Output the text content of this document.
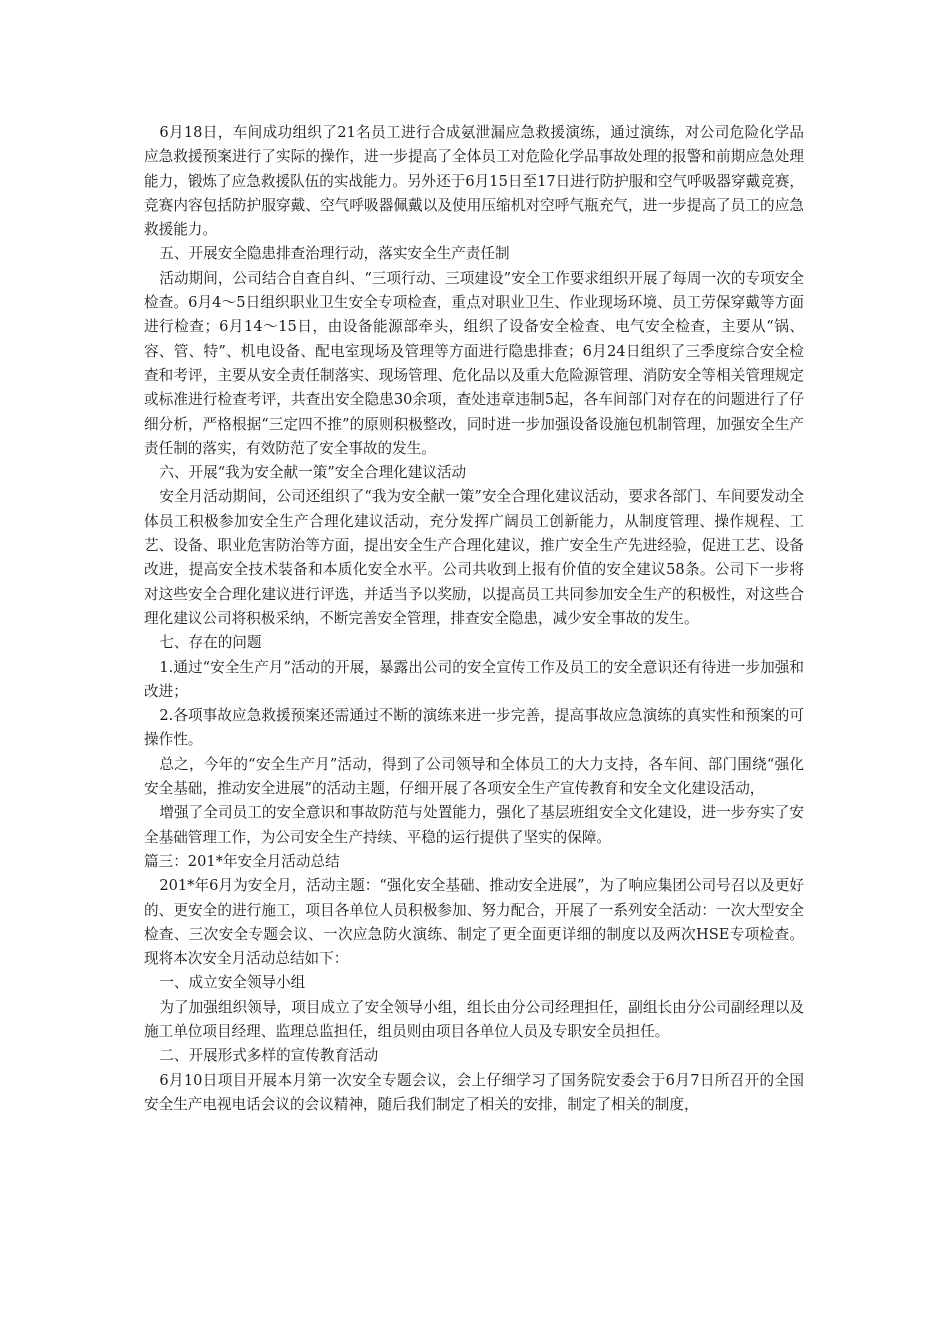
6月18日，车间成功组织了21名员工进行合成氨泄漏应急救援演练，通过演练，对公司危险化学品应急救援预案进行了实际的操作，进一步提高了全体员工对危险化学品事故处理的报警和前期应急处理能力，锻炼了应急救援队伍的实战能力。另外还于6月15日至17日进行防护服和空气呼吸器穿戴竞赛，竞赛内容包括防护服穿戴、空气呼吸器佩戴以及使用压缩机对空呼气瓶充气，进一步提高了员工的应急救援能力。

五、开展安全隐患排查治理行动，落实安全生产责任制

活动期间，公司结合自查自纠、“三项行动、三项建设”安全工作要求组织开展了每周一次的专项安全检查。6月4～5日组织职业卫生安全专项检查，重点对职业卫生、作业现场环境、员工劳保穿戴等方面进行检查；6月14～15日，由设备能源部牵头，组织了设备安全检查、电气安全检查，主要从“锅、容、管、特”、机电设备、配电室现场及管理等方面进行隐患排查；6月24日组织了三季度综合安全检查和考评，主要从安全责任制落实、现场管理、危化品以及重大危险源管理、消防安全等相关管理规定或标准进行检查考评，共查出安全隐患30余项，查处违章违制5起，各车间部门对存在的问题进行了仔细分析，严格根据“三定四不推”的原则积极整改，同时进一步加强设备设施包机制管理，加强安全生产责任制的落实，有效防范了安全事故的发生。

六、开展“我为安全献一策”安全合理化建议活动

安全月活动期间，公司还组织了“我为安全献一策”安全合理化建议活动，要求各部门、车间要发动全体员工积极参加安全生产合理化建议活动，充分发挥广阔员工创新能力，从制度管理、操作规程、工艺、设备、职业危害防治等方面，提出安全生产合理化建议，推广安全生产先进经验，促进工艺、设备改进，提高安全技术装备和本质化安全水平。公司共收到上报有价值的安全建议58条。公司下一步将对这些安全合理化建议进行评选，并适当予以奖励，以提高员工共同参加安全生产的积极性，对这些合理化建议公司将积极采纳，不断完善安全管理，排查安全隐患，减少安全事故的发生。

七、存在的问题

1.通过“安全生产月”活动的开展，暴露出公司的安全宣传工作及员工的安全意识还有待进一步加强和改进；

2.各项事故应急救援预案还需通过不断的演练来进一步完善，提高事故应急演练的真实性和预案的可操作性。

总之，今年的“安全生产月”活动，得到了公司领导和全体员工的大力支持，各车间、部门围绕“强化安全基础，推动安全进展”的活动主题，仔细开展了各项安全生产宣传教育和安全文化建设活动，

增强了全司员工的安全意识和事故防范与处置能力，强化了基层班组安全文化建设，进一步夯实了安全基础管理工作，为公司安全生产持续、平稳的运行提供了坚实的保障。

篇三：201*年安全月活动总结

201*年6月为安全月，活动主题：“强化安全基础、推动安全进展”，为了响应集团公司号召以及更好的、更安全的进行施工，项目各单位人员积极参加、努力配合，开展了一系列安全活动：一次大型安全检查、三次安全专题会议、一次应急防火演练、制定了更全面更详细的制度以及两次HSE专项检查。现将本次安全月活动总结如下：

一、成立安全领导小组

为了加强组织领导，项目成立了安全领导小组，组长由分公司经理担任，副组长由分公司副经理以及施工单位项目经理、监理总监担任，组员则由项目各单位人员及专职安全员担任。

二、开展形式多样的宣传教育活动

6月10日项目开展本月第一次安全专题会议，会上仔细学习了国务院安委会于6月7日所召开的全国安全生产电视电话会议的会议精神，随后我们制定了相关的安排，制定了相关的制度，
